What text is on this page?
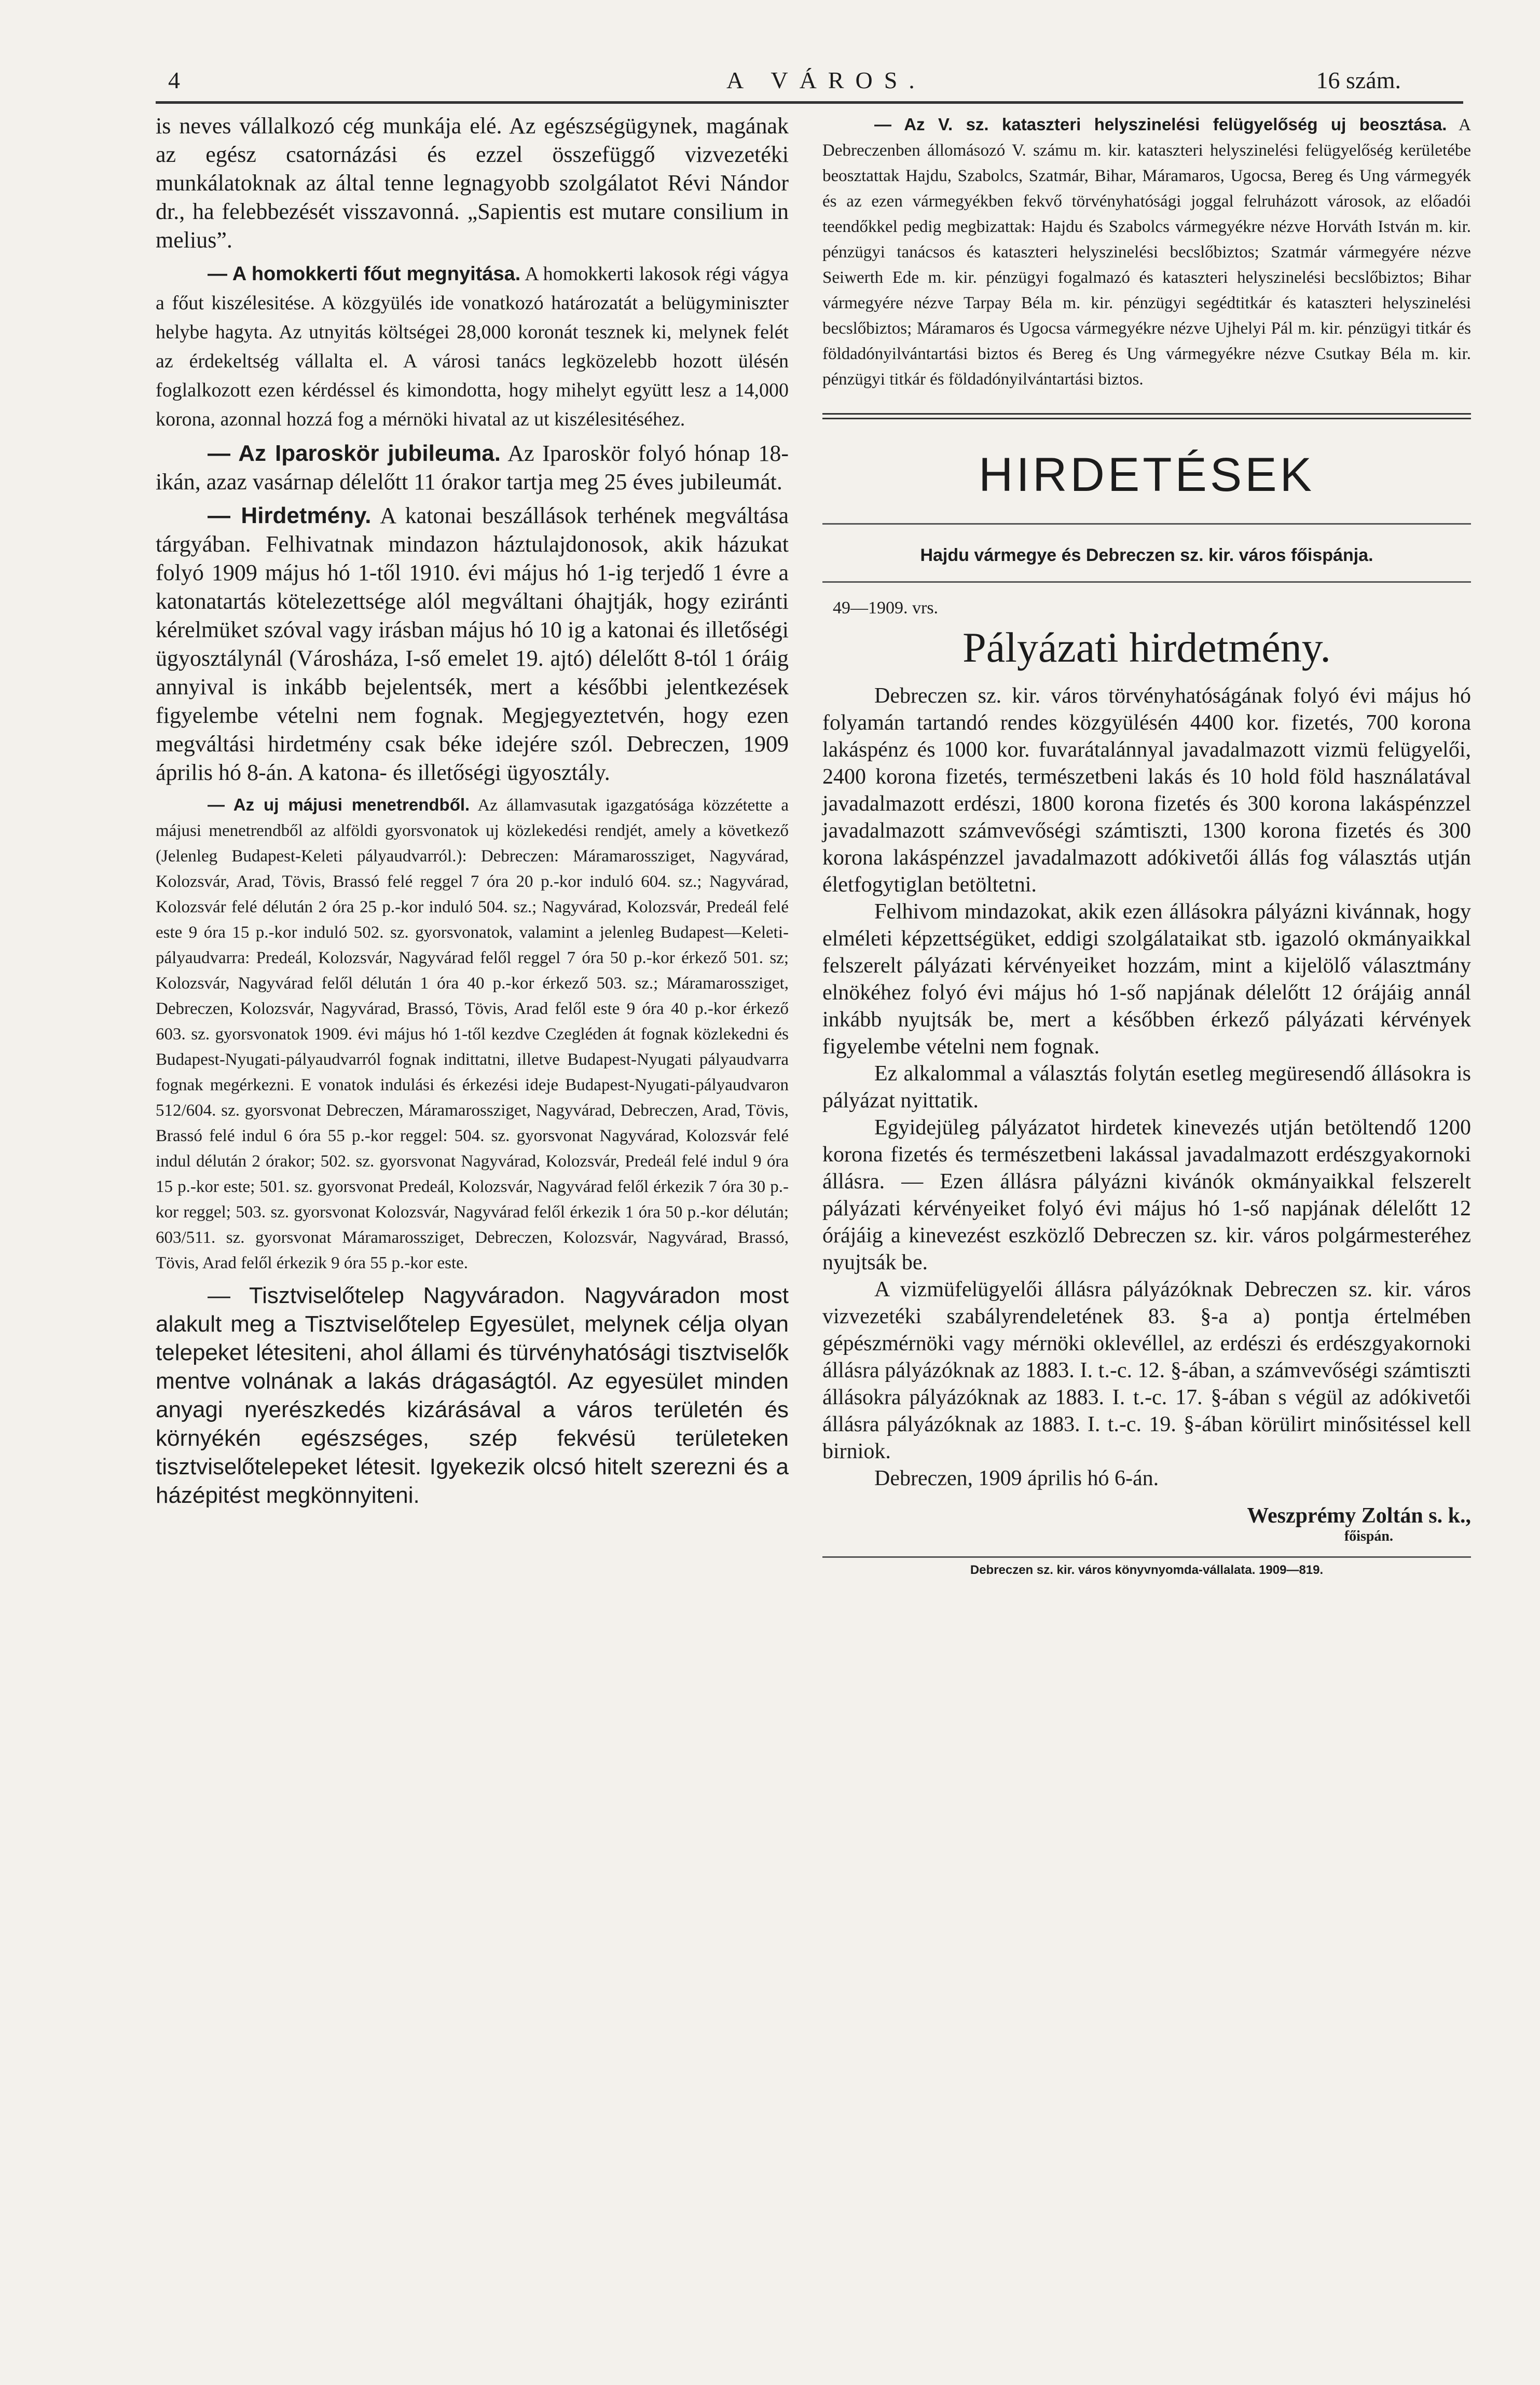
4	A VÁROS.	16 szám.

is neves vállalkozó cég munkája elé. Az egészségügynek, magának az egész csatornázási és ezzel összefüggő vizvezetéki munkálatoknak az által tenne legnagyobb szolgálatot Révi Nándor dr., ha felebbezését visszavonná. „Sapientis est mutare consilium in melius”.

— A homokkerti főut megnyitása. A homokkerti lakosok régi vágya a főut kiszélesitése. A közgyülés ide vonatkozó határozatát a belügyminiszter helybe hagyta. Az utnyitás költségei 28,000 koronát tesznek ki, melynek felét az érdekeltség vállalta el. A városi tanács legközelebb hozott ülésén foglalkozott ezen kérdéssel és kimondotta, hogy mihelyt együtt lesz a 14,000 korona, azonnal hozzá fog a mérnöki hivatal az ut kiszélesitéséhez.

— Az Iparoskör jubileuma. Az Iparoskör folyó hónap 18-ikán, azaz vasárnap délelőtt 11 órakor tartja meg 25 éves jubileumát.

— Hirdetmény. A katonai beszállások terhének megváltása tárgyában. Felhivatnak mindazon háztulajdonosok, akik házukat folyó 1909 május hó 1-től 1910. évi május hó 1-ig terjedő 1 évre a katonatartás kötelezettsége alól megváltani óhajtják, hogy eziránti kérelmüket szóval vagy irásban május hó 10 ig a katonai és illetőségi ügyosztálynál (Városháza, I-ső emelet 19. ajtó) délelőtt 8-tól 1 óráig annyival is inkább bejelentsék, mert a későbbi jelentkezések figyelembe vételni nem fognak. Megjegyeztetvén, hogy ezen megváltási hirdetmény csak béke idejére szól. Debreczen, 1909 április hó 8-án. A katona- és illetőségi ügyosztály.

— Az uj májusi menetrendből. Az államvasutak igazgatósága közzétette a májusi menetrendből az alföldi gyorsvonatok uj közlekedési rendjét, amely a következő (Jelenleg Budapest-Keleti pályaudvarról.): Debreczen: Máramarossziget, Nagyvárad, Kolozsvár, Arad, Tövis, Brassó felé reggel 7 óra 20 p.-kor induló 604. sz.; Nagyvárad, Kolozsvár felé délután 2 óra 25 p.-kor induló 504. sz.; Nagyvárad, Kolozsvár, Predeál felé este 9 óra 15 p.-kor induló 502. sz. gyorsvonatok, valamint a jelenleg Budapest—Keleti-pályaudvarra: Predeál, Kolozsvár, Nagyvárad felől reggel 7 óra 50 p.-kor érkező 501. sz; Kolozsvár, Nagyvárad felől délután 1 óra 40 p.-kor érkező 503. sz.; Máramarossziget, Debreczen, Kolozsvár, Nagyvárad, Brassó, Tövis, Arad felől este 9 óra 40 p.-kor érkező 603. sz. gyorsvonatok 1909. évi május hó 1-től kezdve Czegléden át fognak közlekedni és Budapest-Nyugati-pályaudvarról fognak indittatni, illetve Budapest-Nyugati pályaudvarra fognak megérkezni. E vonatok indulási és érkezési ideje Budapest-Nyugati-pályaudvaron 512/604. sz. gyorsvonat Debreczen, Máramarossziget, Nagyvárad, Debreczen, Arad, Tövis, Brassó felé indul 6 óra 55 p.-kor reggel: 504. sz. gyorsvonat Nagyvárad, Kolozsvár felé indul délután 2 órakor; 502. sz. gyorsvonat Nagyvárad, Kolozsvár, Predeál felé indul 9 óra 15 p.-kor este; 501. sz. gyorsvonat Predeál, Kolozsvár, Nagyvárad felől érkezik 7 óra 30 p.-kor reggel; 503. sz. gyorsvonat Kolozsvár, Nagyvárad felől érkezik 1 óra 50 p.-kor délután; 603/511. sz. gyorsvonat Máramarossziget, Debreczen, Kolozsvár, Nagyvárad, Brassó, Tövis, Arad felől érkezik 9 óra 55 p.-kor este.

— Tisztviselőtelep Nagyváradon. Nagyváradon most alakult meg a Tisztviselőtelep Egyesület, melynek célja olyan telepeket létesiteni, ahol állami és türvényhatósági tisztviselők mentve volnának a lakás drágaságtól. Az egyesület minden anyagi nyerészkedés kizárásával a város területén és környékén egészséges, szép fekvésü területeken tisztviselőtelepeket létesit. Igyekezik olcsó hitelt szerezni és a házépitést megkönnyiteni.

— Az V. sz. kataszteri helyszinelési felügyelőség uj beosztása. A Debreczenben állomásozó V. számu m. kir. kataszteri helyszinelési felügyelőség kerületébe beosztattak Hajdu, Szabolcs, Szatmár, Bihar, Máramaros, Ugocsa, Bereg és Ung vármegyék és az ezen vármegyékben fekvő törvényhatósági joggal felruházott városok, az előadói teendőkkel pedig megbizattak: Hajdu és Szabolcs vármegyékre nézve Horváth István m. kir. pénzügyi tanácsos és kataszteri helyszinelési becslőbiztos; Szatmár vármegyére nézve Seiwerth Ede m. kir. pénzügyi fogalmazó és kataszteri helyszinelési becslőbiztos; Bihar vármegyére nézve Tarpay Béla m. kir. pénzügyi segédtitkár és kataszteri helyszinelési becslőbiztos; Máramaros és Ugocsa vármegyékre nézve Ujhelyi Pál m. kir. pénzügyi titkár és földadónyilvántartási biztos és Bereg és Ung vármegyékre nézve Csutkay Béla m. kir. pénzügyi titkár és földadónyilvántartási biztos.

HIRDETÉSEK
Hajdu vármegye és Debreczen sz. kir. város főispánja.
49—1909. vrs.
Pályázati hirdetmény.

Debreczen sz. kir. város törvényhatóságának folyó évi május hó folyamán tartandó rendes közgyülésén 4400 kor. fizetés, 700 korona lakáspénz és 1000 kor. fuvarátalánnyal javadalmazott vizmü felügyelői, 2400 korona fizetés, természetbeni lakás és 10 hold föld használatával javadalmazott erdészi, 1800 korona fizetés és 300 korona lakáspénzzel javadalmazott számvevőségi számtiszti, 1300 korona fizetés és 300 korona lakáspénzzel javadalmazott adókivetői állás fog választás utján életfogytiglan betöltetni.

Felhivom mindazokat, akik ezen állásokra pályázni kivánnak, hogy elméleti képzettségüket, eddigi szolgálataikat stb. igazoló okmányaikkal felszerelt pályázati kérvényeiket hozzám, mint a kijelölő választmány elnökéhez folyó évi május hó 1-ső napjának délelőtt 12 órájáig annál inkább nyujtsák be, mert a későbben érkező pályázati kérvények figyelembe vételni nem fognak.

Ez alkalommal a választás folytán esetleg megüresendő állásokra is pályázat nyittatik.

Egyidejüleg pályázatot hirdetek kinevezés utján betöltendő 1200 korona fizetés és természetbeni lakással javadalmazott erdészgyakornoki állásra. — Ezen állásra pályázni kivánók okmányaikkal felszerelt pályázati kérvényeiket folyó évi május hó 1-ső napjának délelőtt 12 órájáig a kinevezést eszközlő Debreczen sz. kir. város polgármesteréhez nyujtsák be.

A vizmüfelügyelői állásra pályázóknak Debreczen sz. kir. város vizvezetéki szabályrendeletének 83. §-a a) pontja értelmében gépészmérnöki vagy mérnöki oklevéllel, az erdészi és erdészgyakornoki állásra pályázóknak az 1883. I. t.-c. 12. §-ában, a számvevőségi számtiszti állásokra pályázóknak az 1883. I. t.-c. 17. §-ában s végül az adókivetői állásra pályázóknak az 1883. I. t.-c. 19. §-ában körülirt minősitéssel kell birniok.

Debreczen, 1909 április hó 6-án.

Weszprémy Zoltán s. k.,
főispán.
Debreczen sz. kir. város könyvnyomda-vállalata. 1909—819.
